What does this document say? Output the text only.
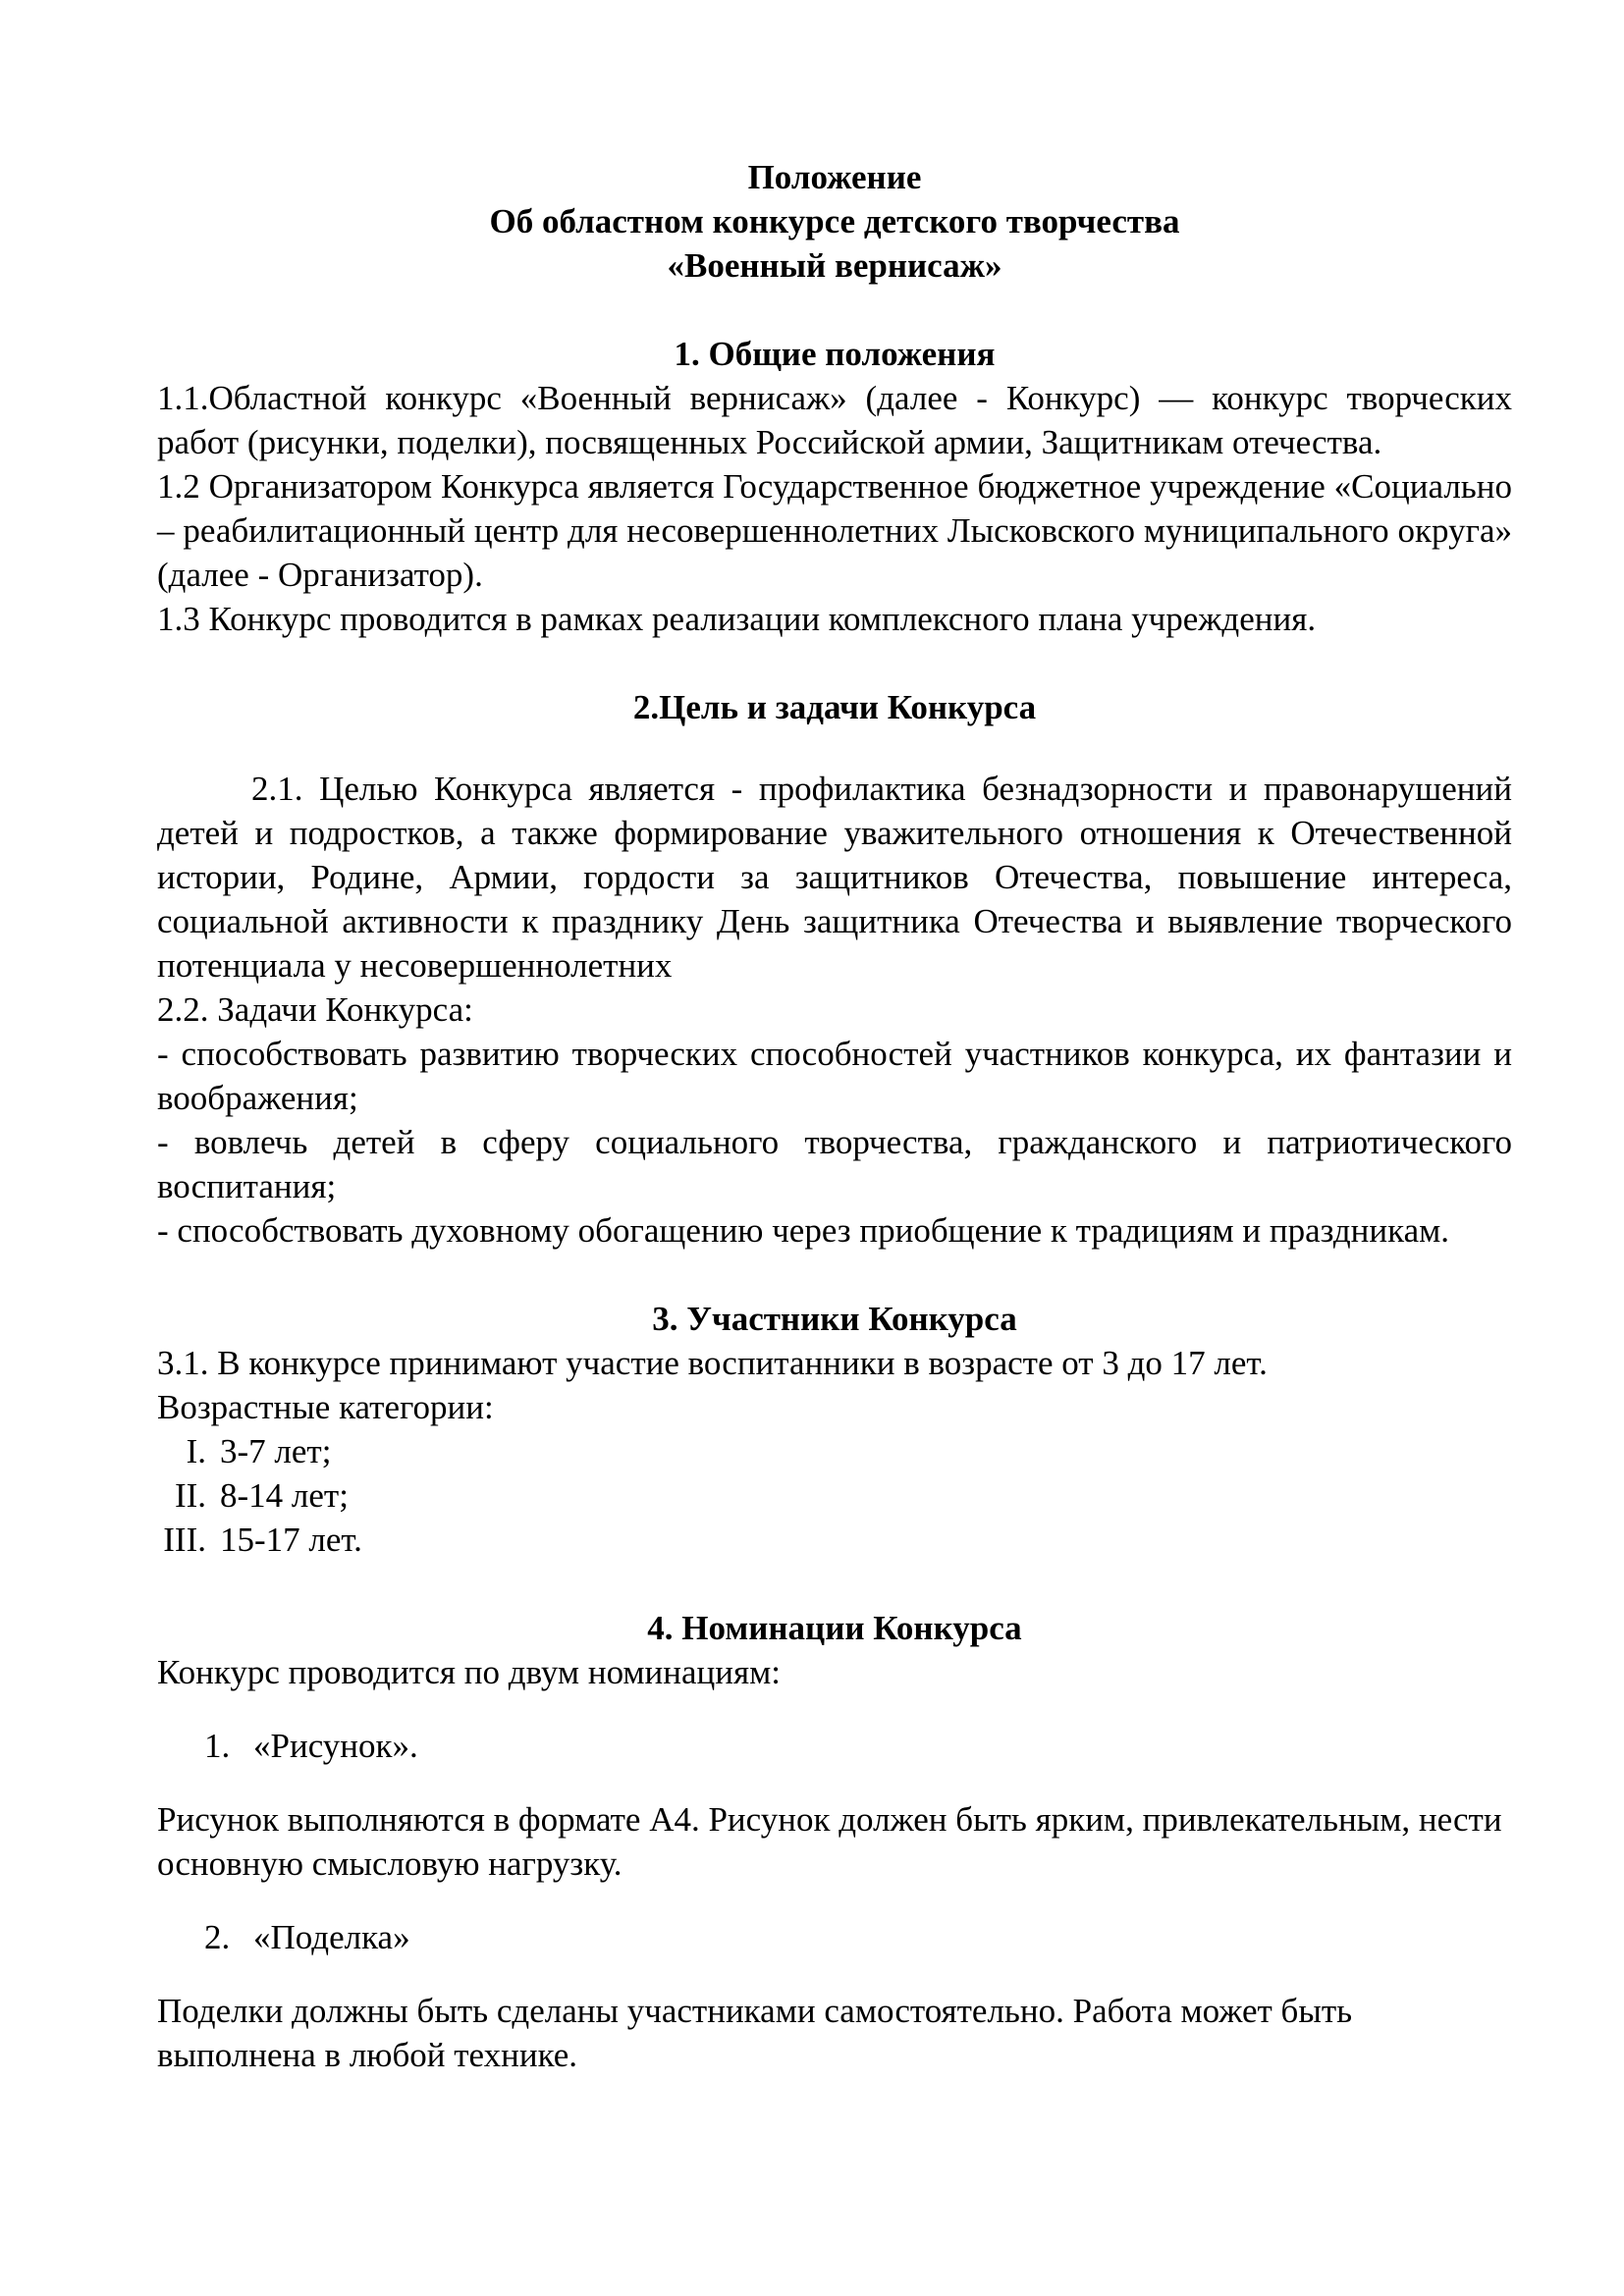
Положение

Об областном конкурсе детского творчества

«Военный вернисаж»

1. Общие положения

1.1.Областной конкурс «Военный вернисаж» (далее - Конкурс) — конкурс творческих работ (рисунки, поделки), посвященных Российской армии, Защитникам отечества.

1.2 Организатором Конкурса является Государственное бюджетное учреждение «Социально – реабилитационный центр для несовершеннолетних Лысковского муниципального округа» (далее - Организатор).

1.3 Конкурс проводится в рамках реализации комплексного плана учреждения.

2.Цель и задачи Конкурса

2.1. Целью Конкурса является - профилактика безнадзорности и правонарушений детей и подростков, а также формирование уважительного отношения к Отечественной истории, Родине, Армии, гордости за защитников Отечества, повышение интереса, социальной активности к празднику День защитника Отечества и выявление творческого потенциала у несовершеннолетних

2.2. Задачи Конкурса:

- способствовать развитию творческих способностей участников конкурса, их фантазии и воображения;

- вовлечь детей в сферу социального творчества, гражданского и патриотического воспитания;

- способствовать духовному обогащению через приобщение к традициям и праздникам.

3. Участники Конкурса

3.1. В конкурсе принимают участие воспитанники в возрасте от 3 до 17 лет.

Возрастные категории:

I. 3-7 лет;
II. 8-14 лет;
III. 15-17 лет.

4. Номинации Конкурса

Конкурс проводится по двум номинациям:

1. «Рисунок».

Рисунок выполняются в формате А4. Рисунок должен быть ярким, привлекательным, нести основную смысловую нагрузку.

2. «Поделка»

Поделки должны быть сделаны участниками самостоятельно. Работа может быть выполнена в любой технике.
